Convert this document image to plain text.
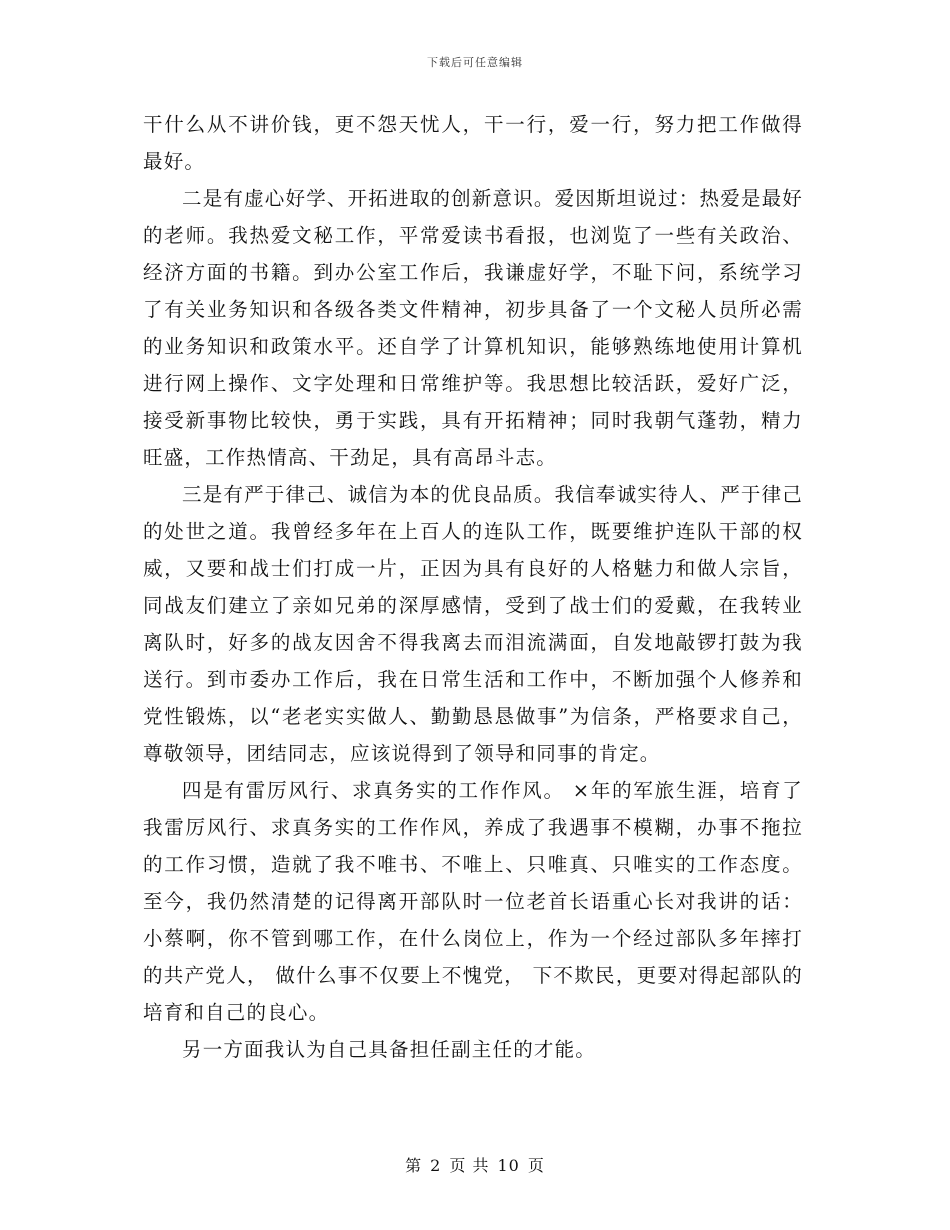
下载后可任意编辑

干什么从不讲价钱，更不怨天忧人，干一行，爱一行，努力把工作做得最好。

二是有虚心好学、开拓进取的创新意识。爱因斯坦说过：热爱是最好的老师。我热爱文秘工作，平常爱读书看报，也浏览了一些有关政治、经济方面的书籍。到办公室工作后，我谦虚好学，不耻下问，系统学习了有关业务知识和各级各类文件精神，初步具备了一个文秘人员所必需的业务知识和政策水平。还自学了计算机知识，能够熟练地使用计算机进行网上操作、文字处理和日常维护等。我思想比较活跃，爱好广泛，接受新事物比较快，勇于实践，具有开拓精神；同时我朝气蓬勃，精力旺盛，工作热情高、干劲足，具有高昂斗志。

三是有严于律己、诚信为本的优良品质。我信奉诚实待人、严于律己的处世之道。我曾经多年在上百人的连队工作，既要维护连队干部的权威，又要和战士们打成一片，正因为具有良好的人格魅力和做人宗旨，同战友们建立了亲如兄弟的深厚感情，受到了战士们的爱戴，在我转业离队时，好多的战友因舍不得我离去而泪流满面，自发地敲锣打鼓为我送行。到市委办工作后，我在日常生活和工作中，不断加强个人修养和党性锻炼，以“老老实实做人、勤勤恳恳做事”为信条，严格要求自己，尊敬领导，团结同志，应该说得到了领导和同事的肯定。

四是有雷厉风行、求真务实的工作作风。 ×年的军旅生涯，培育了我雷厉风行、求真务实的工作作风，养成了我遇事不模糊，办事不拖拉的工作习惯，造就了我不唯书、不唯上、只唯真、只唯实的工作态度。至今，我仍然清楚的记得离开部队时一位老首长语重心长对我讲的话：小蔡啊，你不管到哪工作，在什么岗位上，作为一个经过部队多年摔打的共产党人， 做什么事不仅要上不愧党， 下不欺民，更要对得起部队的培育和自己的良心。

另一方面我认为自己具备担任副主任的才能。

第 2 页 共 10 页
